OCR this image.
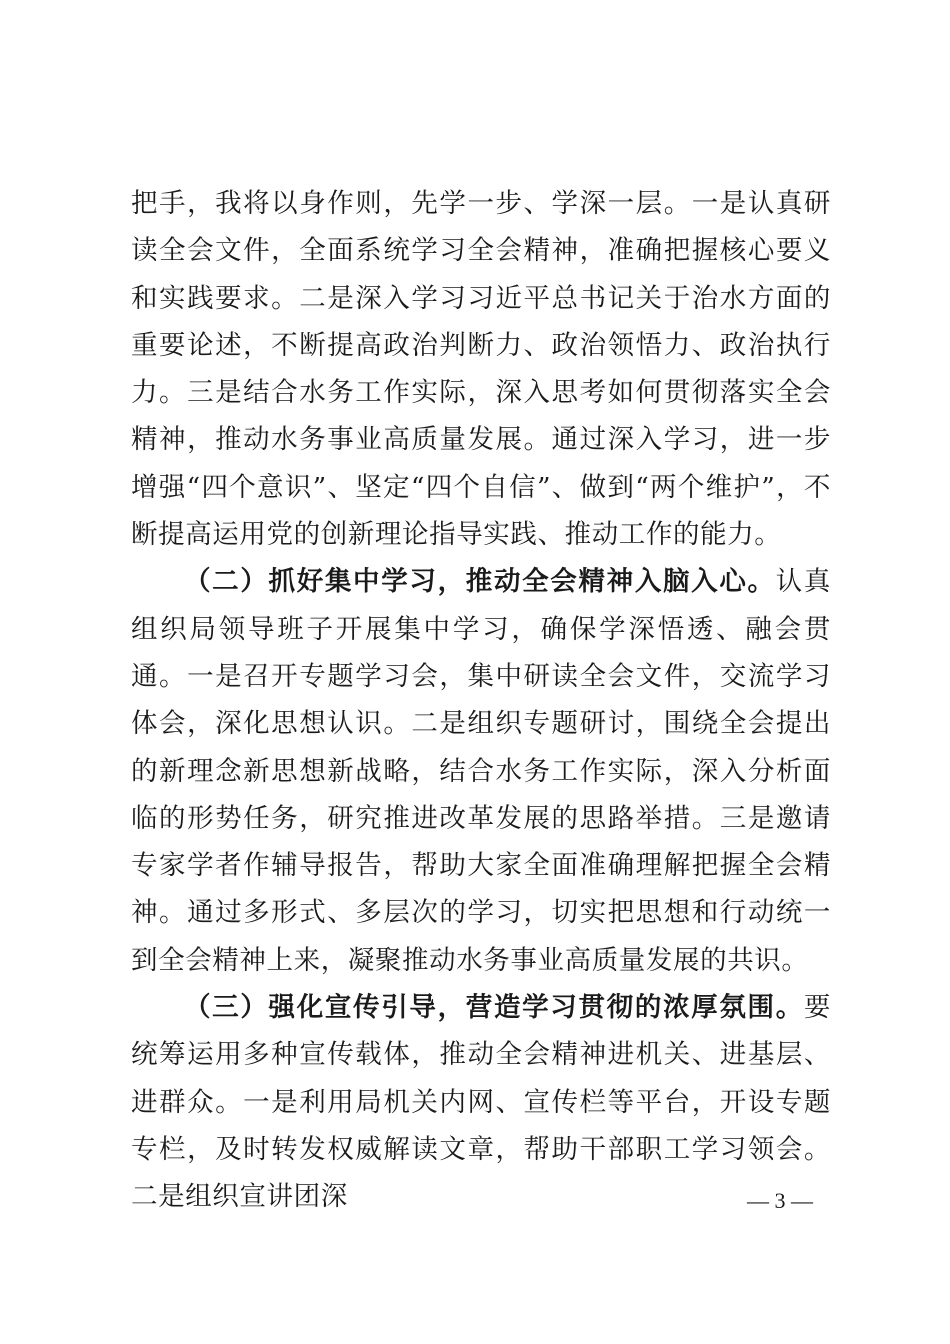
把手，我将以身作则，先学一步、学深一层。一是认真研读全会文件，全面系统学习全会精神，准确把握核心要义和实践要求。二是深入学习习近平总书记关于治水方面的重要论述，不断提高政治判断力、政治领悟力、政治执行力。三是结合水务工作实际，深入思考如何贯彻落实全会精神，推动水务事业高质量发展。通过深入学习，进一步增强“四个意识”、坚定“四个自信”、做到“两个维护”，不断提高运用党的创新理论指导实践、推动工作的能力。

（二）抓好集中学习，推动全会精神入脑入心。认真组织局领导班子开展集中学习，确保学深悟透、融会贯通。一是召开专题学习会，集中研读全会文件，交流学习体会，深化思想认识。二是组织专题研讨，围绕全会提出的新理念新思想新战略，结合水务工作实际，深入分析面临的形势任务，研究推进改革发展的思路举措。三是邀请专家学者作辅导报告，帮助大家全面准确理解把握全会精神。通过多形式、多层次的学习，切实把思想和行动统一到全会精神上来，凝聚推动水务事业高质量发展的共识。

（三）强化宣传引导，营造学习贯彻的浓厚氛围。要统筹运用多种宣传载体，推动全会精神进机关、进基层、进群众。一是利用局机关内网、宣传栏等平台，开设专题专栏，及时转发权威解读文章，帮助干部职工学习领会。二是组织宣讲团深	— 3 —
